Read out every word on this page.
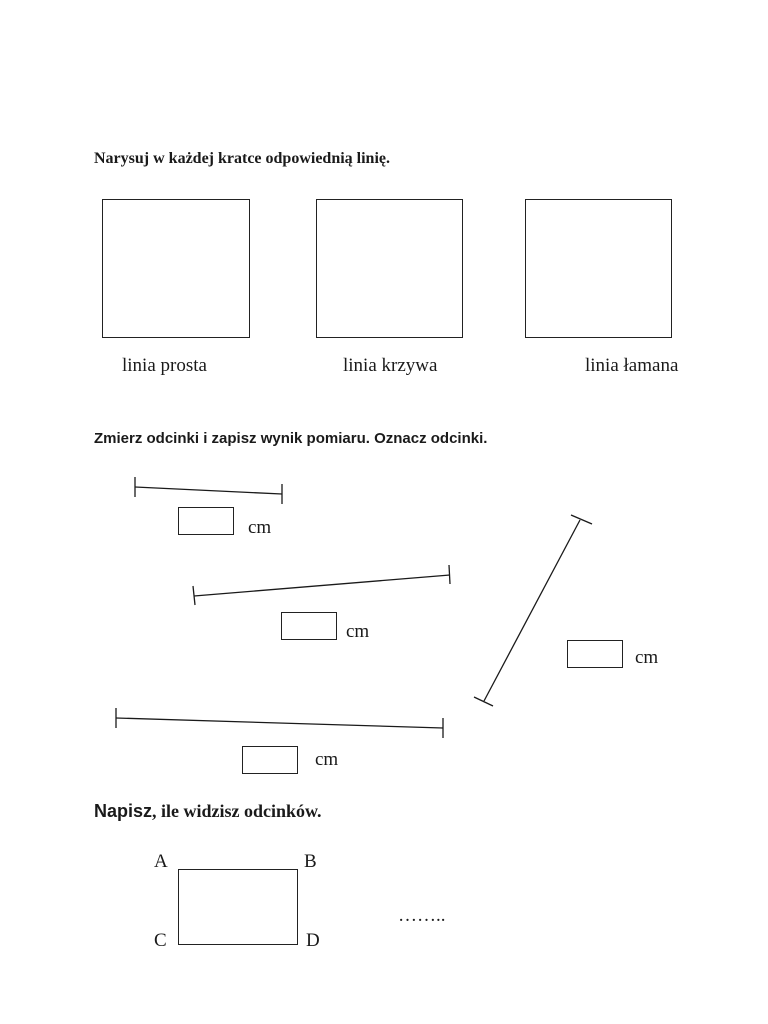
Narysuj w każdej kratce odpowiednią linię.
linia prosta	linia krzywa	linia łamana
Zmierz odcinki i zapisz wynik pomiaru. Oznacz odcinki.
cm
cm
cm
cm
Napisz, ile widzisz odcinków.
A	B
C	D
……..
